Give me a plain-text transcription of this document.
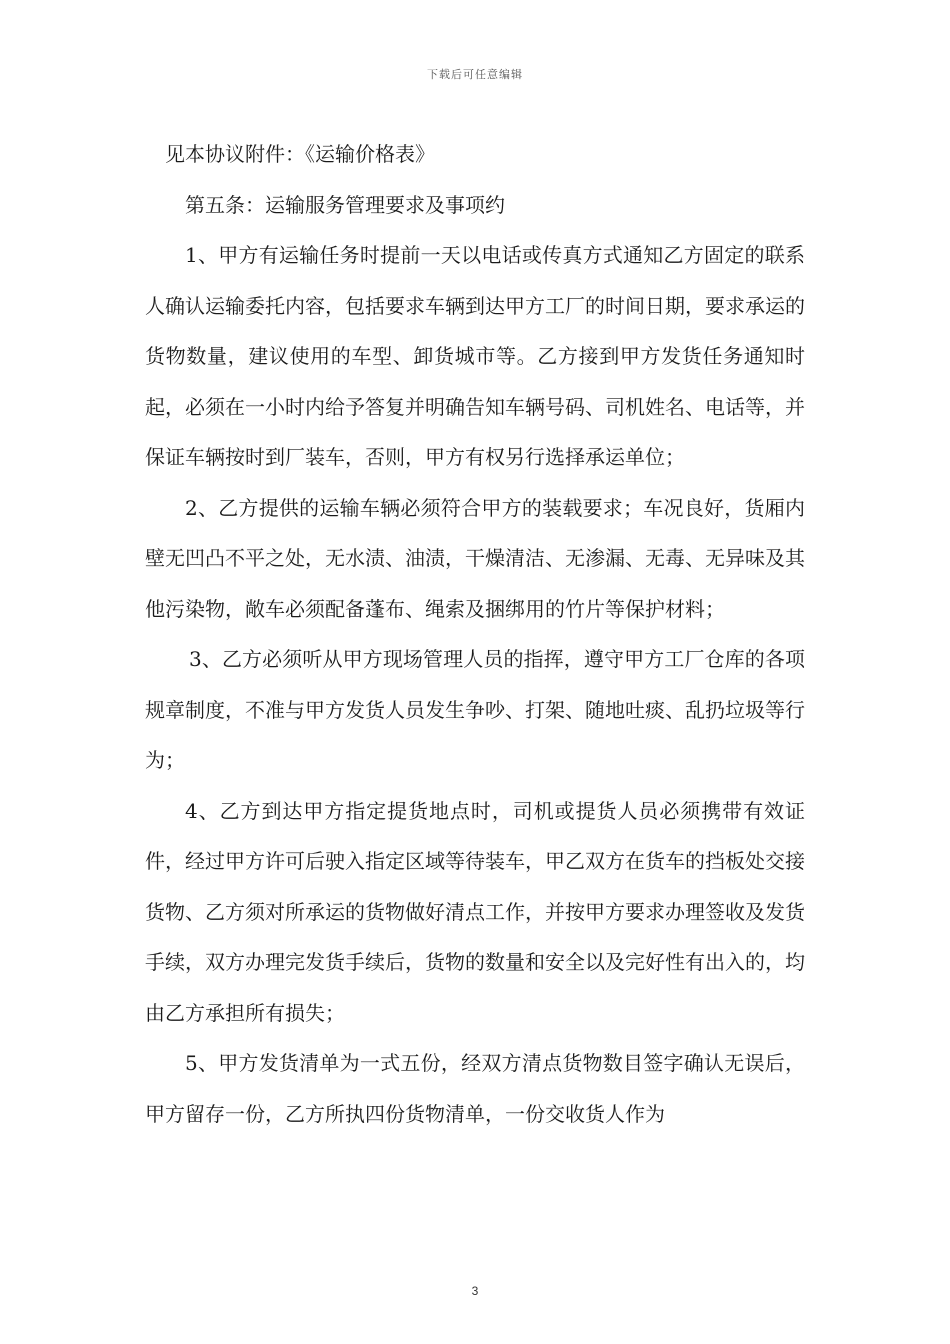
下载后可任意编辑

见本协议附件：《运输价格表》

第五条：运输服务管理要求及事项约

1、甲方有运输任务时提前一天以电话或传真方式通知乙方固定的联系人确认运输委托内容，包括要求车辆到达甲方工厂的时间日期，要求承运的货物数量，建议使用的车型、卸货城市等。乙方接到甲方发货任务通知时起，必须在一小时内给予答复并明确告知车辆号码、司机姓名、电话等，并保证车辆按时到厂装车，否则，甲方有权另行选择承运单位；

2、乙方提供的运输车辆必须符合甲方的装载要求；车况良好，货厢内壁无凹凸不平之处，无水渍、油渍，干燥清洁、无渗漏、无毒、无异味及其他污染物，敞车必须配备蓬布、绳索及捆绑用的竹片等保护材料；

3、乙方必须听从甲方现场管理人员的指挥，遵守甲方工厂仓库的各项规章制度，不准与甲方发货人员发生争吵、打架、随地吐痰、乱扔垃圾等行为；

4、乙方到达甲方指定提货地点时，司机或提货人员必须携带有效证件，经过甲方许可后驶入指定区域等待装车，甲乙双方在货车的挡板处交接货物、乙方须对所承运的货物做好清点工作，并按甲方要求办理签收及发货手续，双方办理完发货手续后，货物的数量和安全以及完好性有出入的，均由乙方承担所有损失；

5、甲方发货清单为一式五份，经双方清点货物数目签字确认无误后，甲方留存一份，乙方所执四份货物清单，一份交收货人作为

3
